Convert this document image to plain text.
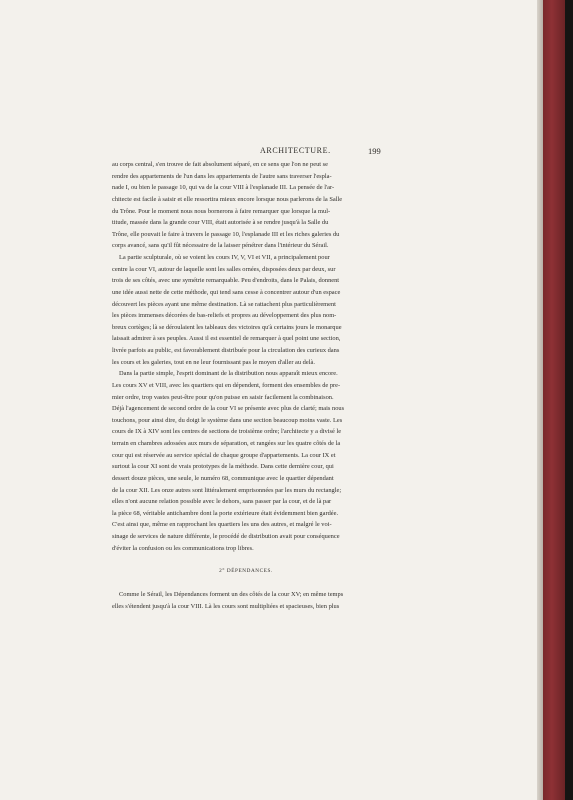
ARCHITECTURE.	199
au corps central, s'en trouve de fait absolument séparé, en ce sens que l'on ne peut se
rendre des appartements de l'un dans les appartements de l'autre sans traverser l'espla-
nade I, ou bien le passage 10, qui va de la cour VIII à l'esplanade III. La pensée de l'ar-
chitecte est facile à saisir et elle ressortira mieux encore lorsque nous parlerons de la Salle
du Trône. Pour le moment nous nous bornerons à faire remarquer que lorsque la mul-
titude, massée dans la grande cour VIII, était autorisée à se rendre jusqu'à la Salle du
Trône, elle pouvait le faire à travers le passage 10, l'esplanade III et les riches galeries du
corps avancé, sans qu'il fût nécessaire de la laisser pénétrer dans l'intérieur du Sérail.
La partie sculpturale, où se voient les cours IV, V, VI et VII, a principalement pour
centre la cour VI, autour de laquelle sont les salles ornées, disposées deux par deux, sur
trois de ses côtés, avec une symétrie remarquable. Peu d'endroits, dans le Palais, donnent
une idée aussi nette de cette méthode, qui tend sans cesse à concentrer autour d'un espace
découvert les pièces ayant une même destination. Là se rattachent plus particulièrement
les pièces immenses décorées de bas-reliefs et propres au développement des plus nom-
breux cortèges; là se déroulaient les tableaux des victoires qu'à certains jours le monarque
laissait admirer à ses peuples. Aussi il est essentiel de remarquer à quel point une section,
livrée parfois au public, est favorablement distribuée pour la circulation des curieux dans
les cours et les galeries, tout en ne leur fournissant pas le moyen d'aller au delà.
Dans la partie simple, l'esprit dominant de la distribution nous apparaît mieux encore.
Les cours XV et VIII, avec les quartiers qui en dépendent, forment des ensembles de pre-
mier ordre, trop vastes peut-être pour qu'on puisse en saisir facilement la combinaison.
Déjà l'agencement de second ordre de la cour VI se présente avec plus de clarté; mais nous
touchons, pour ainsi dire, du doigt le système dans une section beaucoup moins vaste. Les
cours de IX à XIV sont les centres de sections de troisième ordre; l'architecte y a divisé le
terrain en chambres adossées aux murs de séparation, et rangées sur les quatre côtés de la
cour qui est réservée au service spécial de chaque groupe d'appartements. La cour IX et
surtout la cour XI sont de vrais prototypes de la méthode. Dans cette dernière cour, qui
dessert douze pièces, une seule, le numéro 68, communique avec le quartier dépendant
de la cour XII. Les onze autres sont littéralement emprisonnées par les murs du rectangle;
elles n'ont aucune relation possible avec le dehors, sans passer par la cour, et de là par
la pièce 68, véritable antichambre dont la porte extérieure était évidemment bien gardée.
C'est ainsi que, même en rapprochant les quartiers les uns des autres, et malgré le voi-
sinage de services de nature différente, le procédé de distribution avait pour conséquence
d'éviter la confusion ou les communications trop libres.
2° DÉPENDANCES.
Comme le Sérail, les Dépendances forment un des côtés de la cour XV; en même temps
elles s'étendent jusqu'à la cour VIII. Là les cours sont multipliées et spacieuses, bien plus
